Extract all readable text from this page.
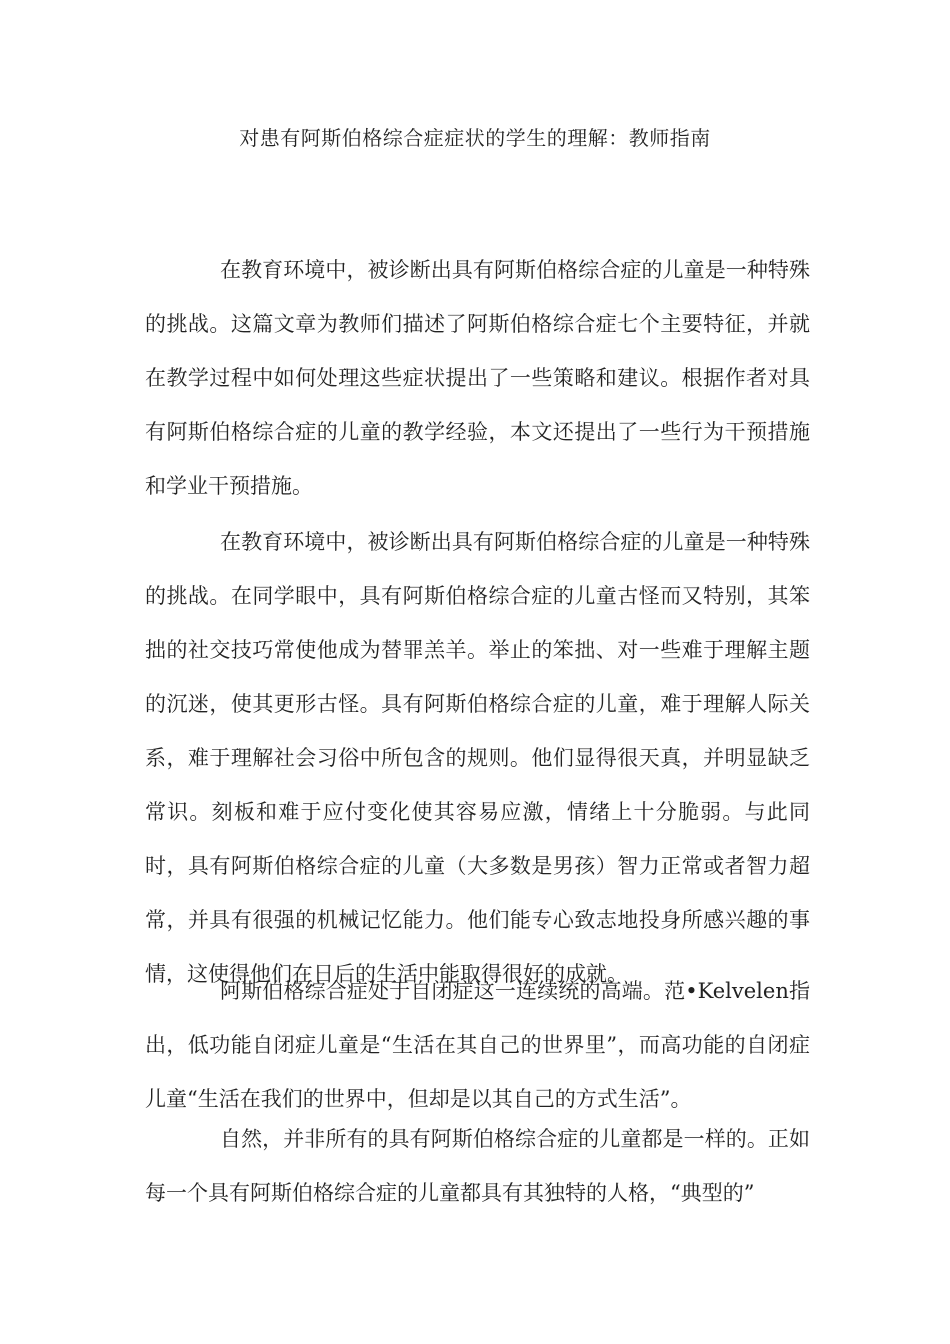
对患有阿斯伯格综合症症状的学生的理解：教师指南

在教育环境中，被诊断出具有阿斯伯格综合症的儿童是一种特殊的挑战。这篇文章为教师们描述了阿斯伯格综合症七个主要特征，并就在教学过程中如何处理这些症状提出了一些策略和建议。根据作者对具有阿斯伯格综合症的儿童的教学经验，本文还提出了一些行为干预措施和学业干预措施。

在教育环境中，被诊断出具有阿斯伯格综合症的儿童是一种特殊的挑战。在同学眼中，具有阿斯伯格综合症的儿童古怪而又特别，其笨拙的社交技巧常使他成为替罪羔羊。举止的笨拙、对一些难于理解主题的沉迷，使其更形古怪。具有阿斯伯格综合症的儿童，难于理解人际关系，难于理解社会习俗中所包含的规则。他们显得很天真，并明显缺乏常识。刻板和难于应付变化使其容易应激，情绪上十分脆弱。与此同时，具有阿斯伯格综合症的儿童（大多数是男孩）智力正常或者智力超常，并具有很强的机械记忆能力。他们能专心致志地投身所感兴趣的事情，这使得他们在日后的生活中能取得很好的成就。

阿斯伯格综合症处于自闭症这一连续统的高端。范•Kelvelen指出，低功能自闭症儿童是“生活在其自己的世界里”，而高功能的自闭症儿童“生活在我们的世界中，但却是以其自己的方式生活”。

自然，并非所有的具有阿斯伯格综合症的儿童都是一样的。正如每一个具有阿斯伯格综合症的儿童都具有其独特的人格，“典型的”
